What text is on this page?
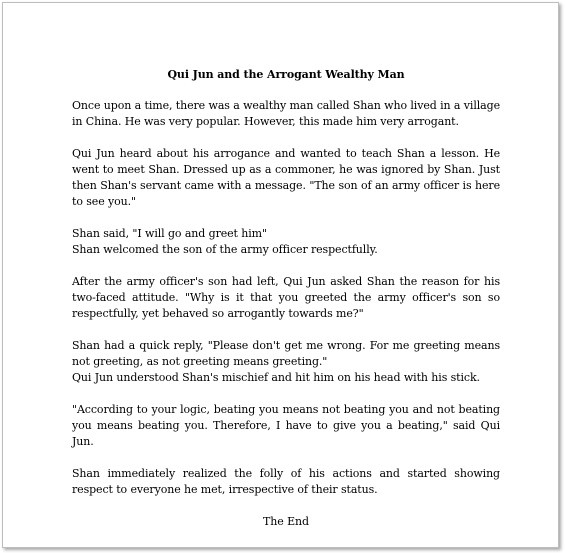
Qui Jun and the Arrogant Wealthy Man

Once upon a time, there was a wealthy man called Shan who lived in a village in China. He was very popular. However, this made him very arrogant.

Qui Jun heard about his arrogance and wanted to teach Shan a lesson. He went to meet Shan. Dressed up as a commoner, he was ignored by Shan. Just then Shan's servant came with a message. "The son of an army officer is here to see you."

Shan said, "I will go and greet him"
Shan welcomed the son of the army officer respectfully.

After the army officer's son had left, Qui Jun asked Shan the reason for his two-faced attitude. "Why is it that you greeted the army officer's son so respectfully, yet behaved so arrogantly towards me?"

Shan had a quick reply, "Please don't get me wrong. For me greeting means not greeting, as not greeting means greeting."
Qui Jun understood Shan's mischief and hit him on his head with his stick.

"According to your logic, beating you means not beating you and not beating you means beating you. Therefore, I have to give you a beating," said Qui Jun.

Shan immediately realized the folly of his actions and started showing respect to everyone he met, irrespective of their status.

The End
